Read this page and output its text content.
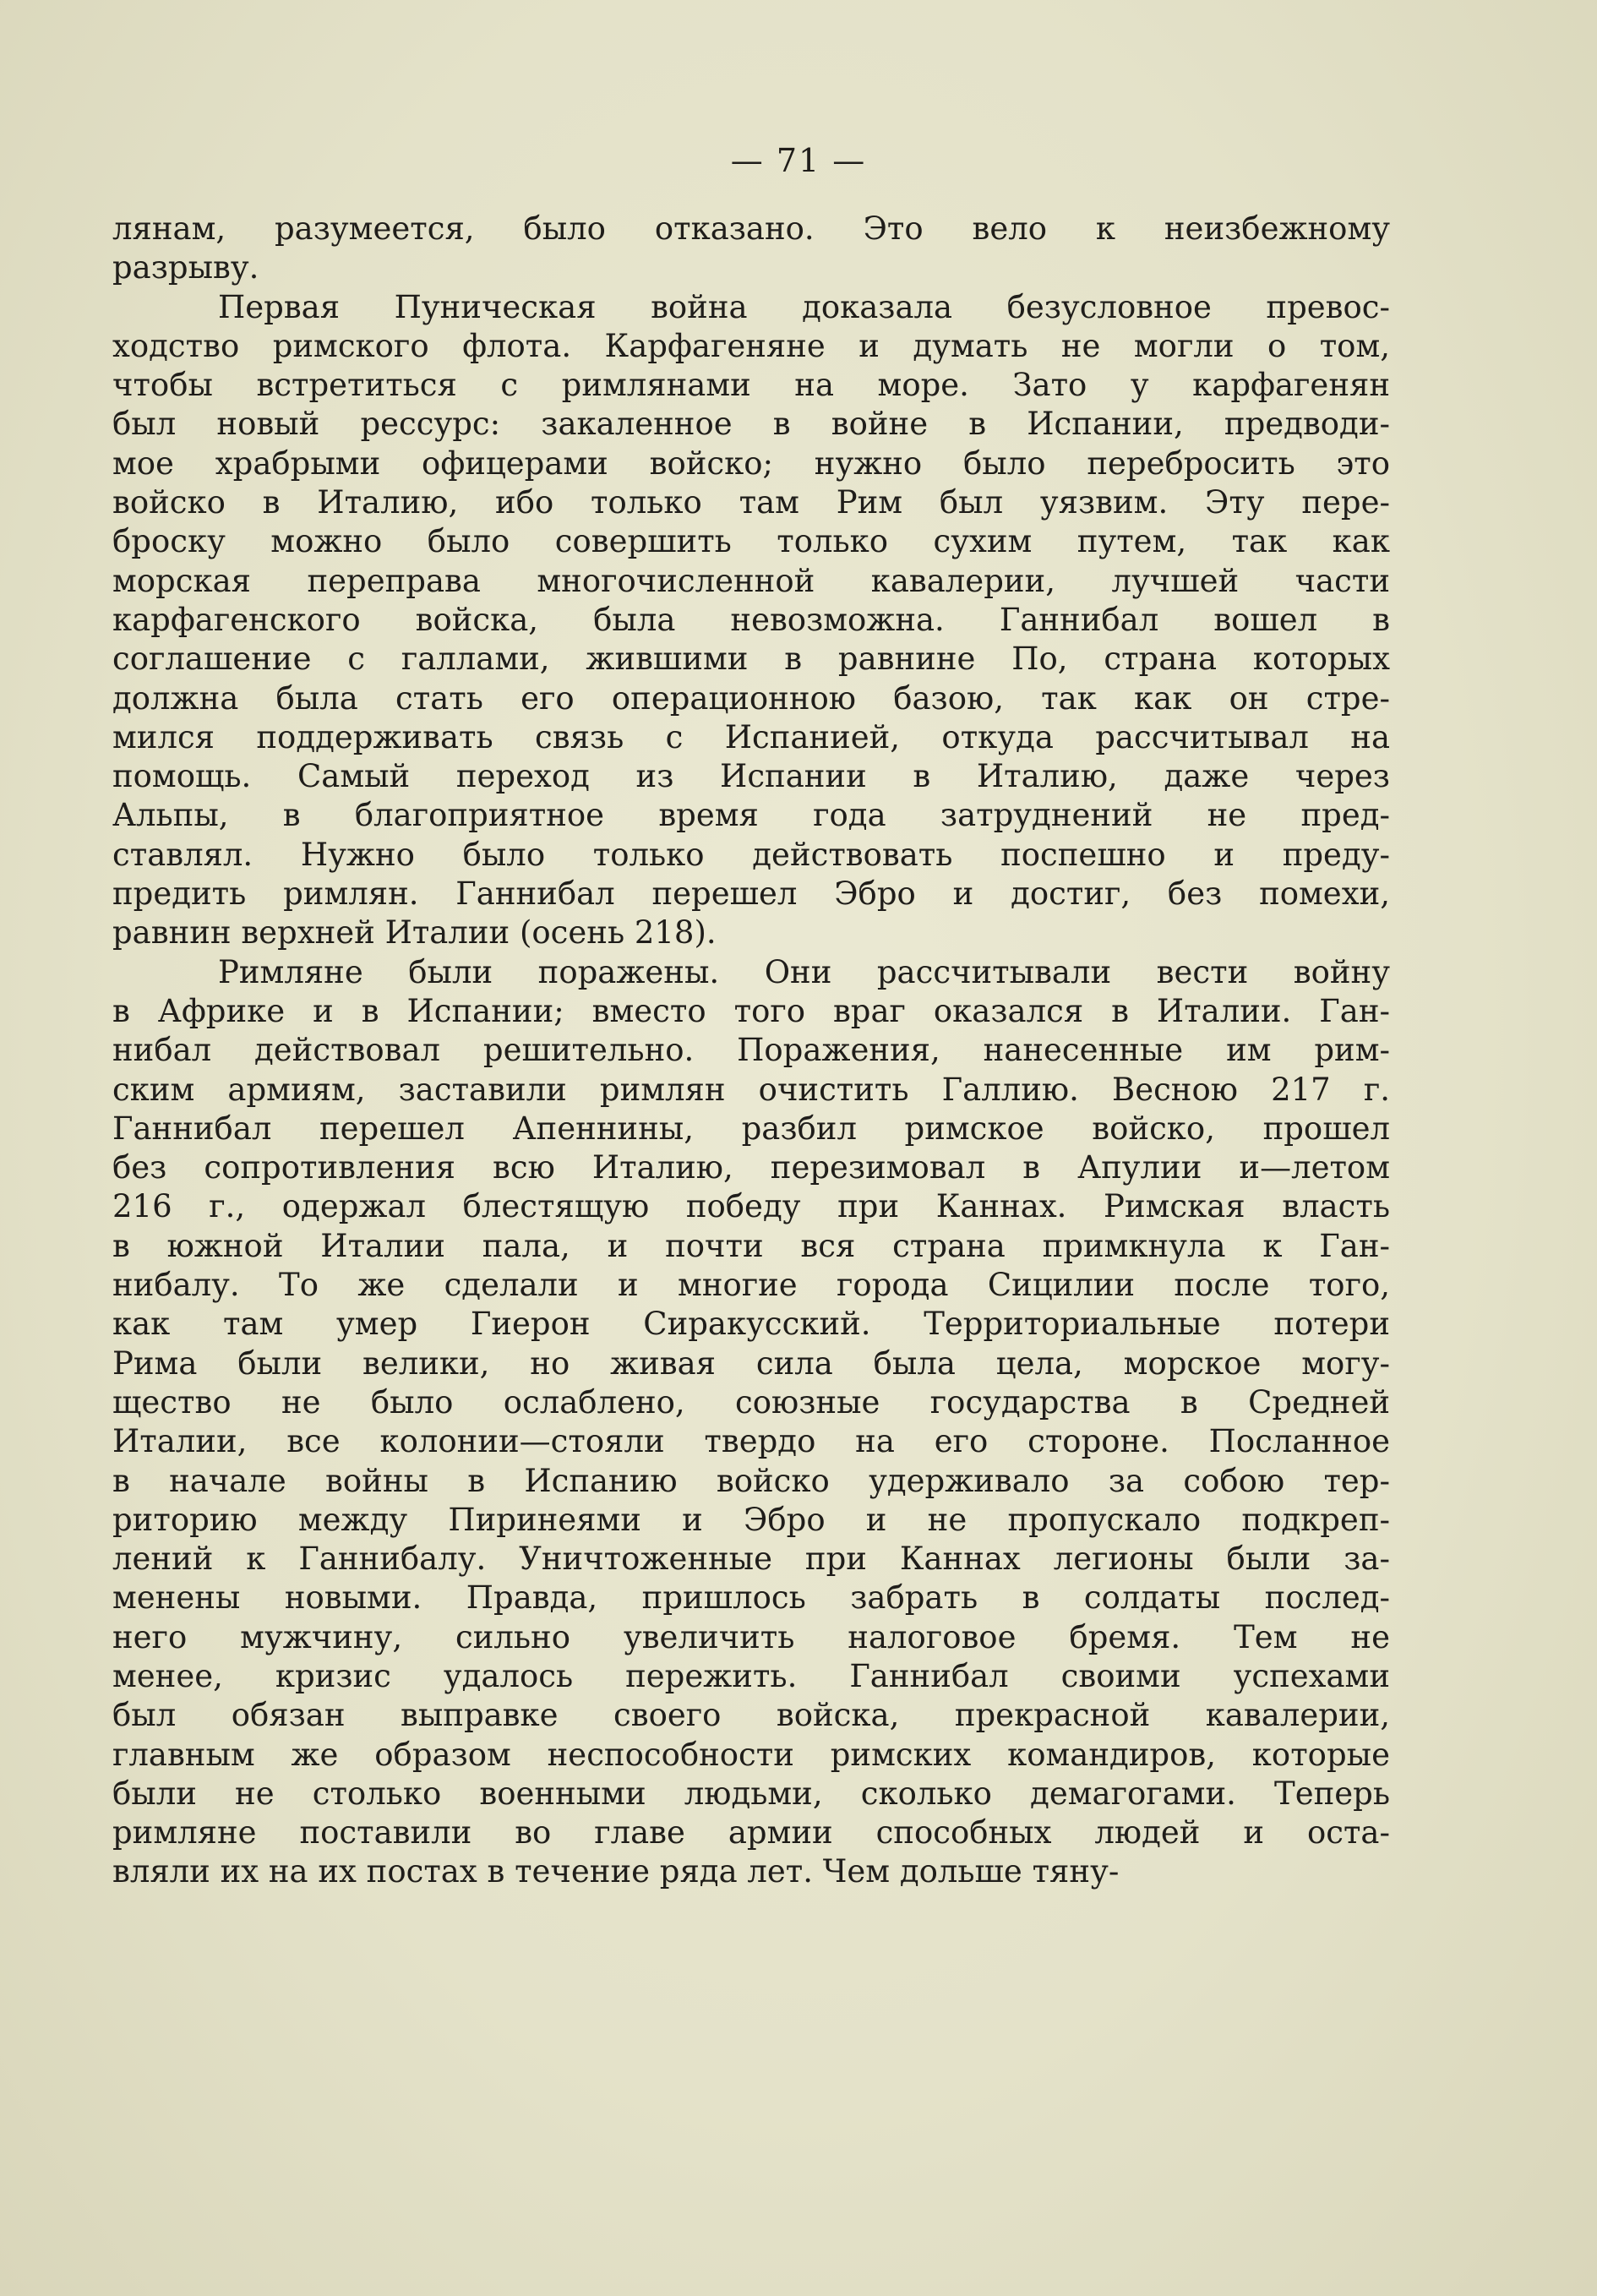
— 71 —
лянам, разумеется, было отказано. Это вело к неизбежному
разрыву.
Первая Пуническая война доказала безусловное превос-
ходство римского флота. Карфагеняне и думать не могли о том,
чтобы встретиться с римлянами на море. Зато у карфагенян
был новый рессурс: закаленное в войне в Испании, предводи-
мое храбрыми офицерами войско; нужно было перебросить это
войско в Италию, ибо только там Рим был уязвим. Эту пере-
броску можно было совершить только сухим путем, так как
морская переправа многочисленной кавалерии, лучшей части
карфагенского войска, была невозможна. Ганнибал вошел в
соглашение с галлами, жившими в равнине По, страна которых
должна была стать его операционною базою, так как он стре-
мился поддерживать связь с Испанией, откуда рассчитывал на
помощь. Самый переход из Испании в Италию, даже через
Альпы, в благоприятное время года затруднений не пред-
ставлял. Нужно было только действовать поспешно и преду-
предить римлян. Ганнибал перешел Эбро и достиг, без помехи,
равнин верхней Италии (осень 218).
Римляне были поражены. Они рассчитывали вести войну
в Африке и в Испании; вместо того враг оказался в Италии. Ган-
нибал действовал решительно. Поражения, нанесенные им рим-
ским армиям, заставили римлян очистить Галлию. Весною 217 г.
Ганнибал перешел Апеннины, разбил римское войско, прошел
без сопротивления всю Италию, перезимовал в Апулии и—летом
216 г., одержал блестящую победу при Каннах. Римская власть
в южной Италии пала, и почти вся страна примкнула к Ган-
нибалу. То же сделали и многие города Сицилии после того,
как там умер Гиерон Сиракусский. Территориальные потери
Рима были велики, но живая сила была цела, морское могу-
щество не было ослаблено, союзные государства в Средней
Италии, все колонии—стояли твердо на его стороне. Посланное
в начале войны в Испанию войско удерживало за собою тер-
риторию между Пиринеями и Эбро и не пропускало подкреп-
лений к Ганнибалу. Уничтоженные при Каннах легионы были за-
менены новыми. Правда, пришлось забрать в солдаты послед-
него мужчину, сильно увеличить налоговое бремя. Тем не
менее, кризис удалось пережить. Ганнибал своими успехами
был обязан выправке своего войска, прекрасной кавалерии,
главным же образом неспособности римских командиров, которые
были не столько военными людьми, сколько демагогами. Теперь
римляне поставили во главе армии способных людей и оста-
вляли их на их постах в течение ряда лет. Чем дольше тяну-
